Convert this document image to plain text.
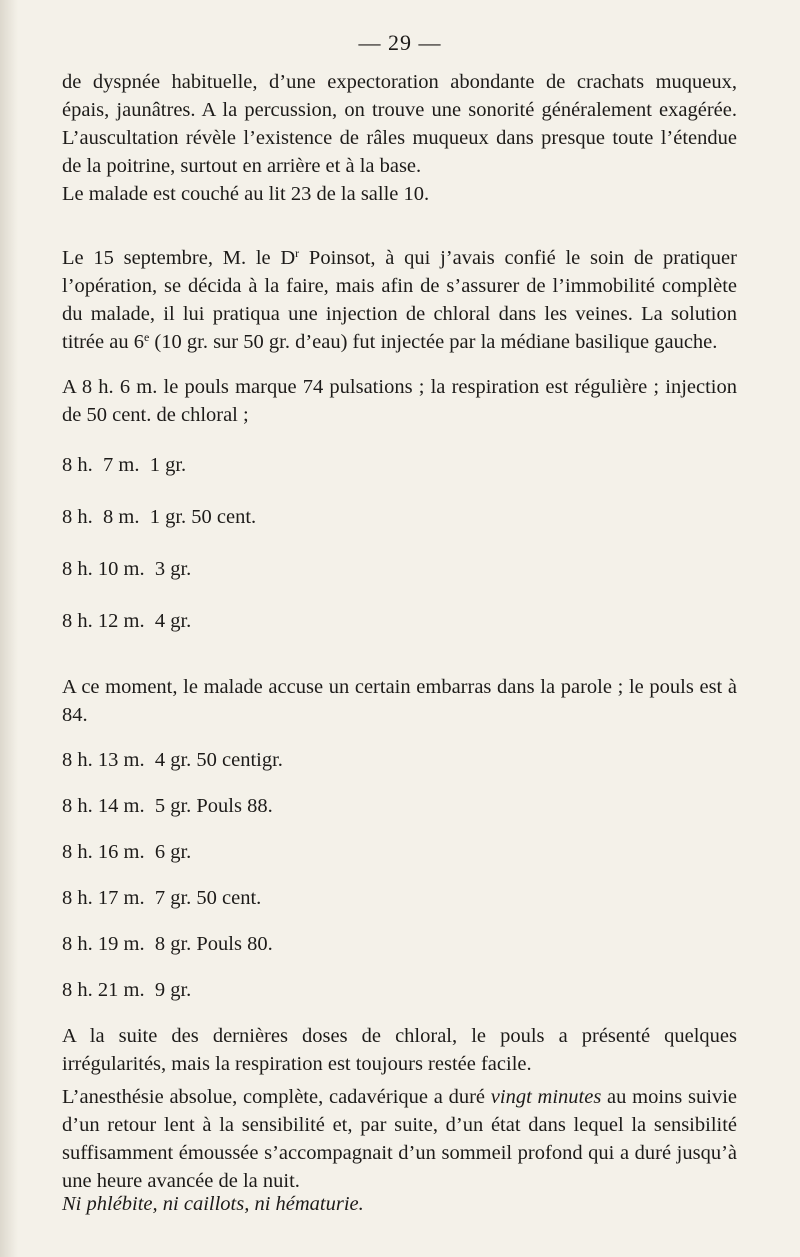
— 29 —

de dyspnée habituelle, d’une expectoration abondante de crachats muqueux, épais, jaunâtres. A la percussion, on trouve une sonorité généralement exagérée. L’auscultation révèle l’existence de râles muqueux dans presque toute l’étendue de la poitrine, surtout en arrière et à la base.

Le malade est couché au lit 23 de la salle 10.

Le 15 septembre, M. le $D^r$ Poinsot, à qui j’avais confié le soin de pratiquer l’opération, se décida à la faire, mais afin de s’assurer de l’immobilité complète du malade, il lui pratiqua une injection de chloral dans les veines. La solution titrée au 6e (10 gr. sur 50 gr. d’eau) fut injectée par la médiane basilique gauche.

A 8 h. 6 m. le pouls marque 74 pulsations ; la respiration est régulière ; injection de 50 cent. de chloral ;

8 h.  7 m.  1 gr.
8 h.  8 m.  1 gr. 50 cent.
8 h. 10 m.  3 gr.
8 h. 12 m.  4 gr.

A ce moment, le malade accuse un certain embarras dans la parole ; le pouls est à 84.

8 h. 13 m.  4 gr. 50 centigr.
8 h. 14 m.  5 gr. Pouls 88.
8 h. 16 m.  6 gr.
8 h. 17 m.  7 gr. 50 cent.
8 h. 19 m.  8 gr. Pouls 80.
8 h. 21 m.  9 gr.

A la suite des dernières doses de chloral, le pouls a présenté quelques irrégularités, mais la respiration est toujours restée facile.

L’anesthésie absolue, complète, cadavérique a duré vingt minutes au moins suivie d’un retour lent à la sensibilité et, par suite, d’un état dans lequel la sensibilité suffisamment émoussée s’accompagnait d’un sommeil profond qui a duré jusqu’à une heure avancée de la nuit.

Ni phlébite, ni caillots, ni hématurie.
